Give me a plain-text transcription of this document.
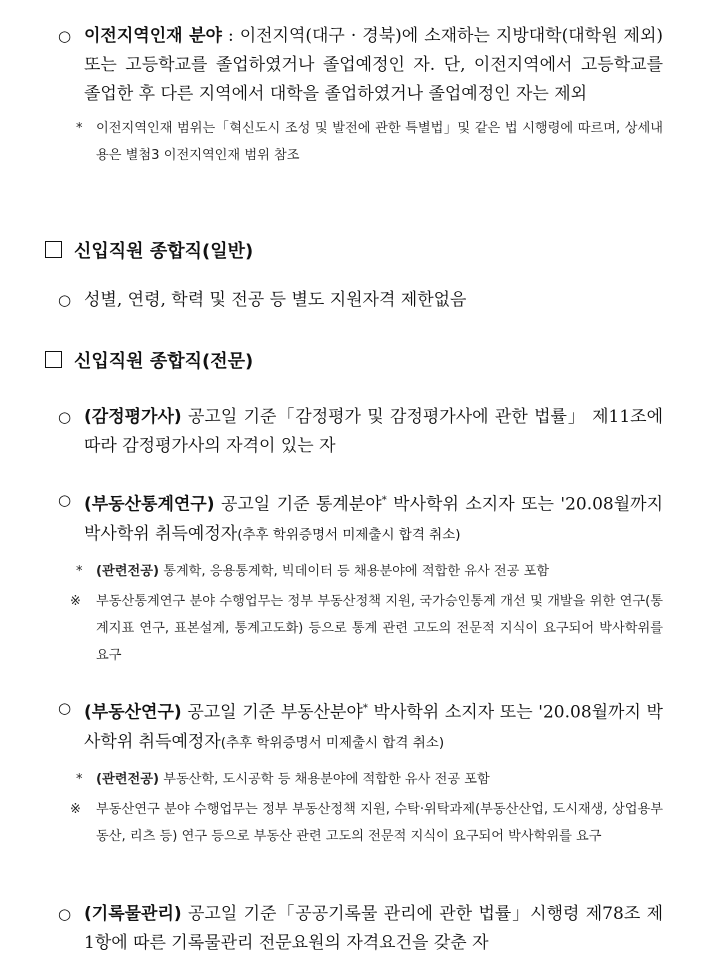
○ 이전지역인재 분야 : 이전지역(대구 · 경북)에 소재하는 지방대학(대학원 제외) 또는 고등학교를 졸업하였거나 졸업예정인 자. 단, 이전지역에서 고등학교를 졸업한 후 다른 지역에서 대학을 졸업하였거나 졸업예정인 자는 제외
* 이전지역인재 범위는「혁신도시 조성 및 발전에 관한 특별법」및 같은 법 시행령에 따르며, 상세내용은 별첨3 이전지역인재 범위 참조
신입직원 종합직(일반)
○ 성별, 연령, 학력 및 전공 등 별도 지원자격 제한없음
신입직원 종합직(전문)
○ (감정평가사) 공고일 기준「감정평가 및 감정평가사에 관한 법률」 제11조에 따라 감정평가사의 자격이 있는 자
○ (부동산통계연구) 공고일 기준 통계분야* 박사학위 소지자 또는 '20.08월까지 박사학위 취득예정자(추후 학위증명서 미제출시 합격 취소)
* (관련전공) 통계학, 응용통계학, 빅데이터 등 채용분야에 적합한 유사 전공 포함
※ 부동산통계연구 분야 수행업무는 정부 부동산정책 지원, 국가승인통계 개선 및 개발을 위한 연구(통계지표 연구, 표본설계, 통계고도화) 등으로 통계 관련 고도의 전문적 지식이 요구되어 박사학위를 요구
○ (부동산연구) 공고일 기준 부동산분야* 박사학위 소지자 또는 '20.08월까지 박사학위 취득예정자(추후 학위증명서 미제출시 합격 취소)
* (관련전공) 부동산학, 도시공학 등 채용분야에 적합한 유사 전공 포함
※ 부동산연구 분야 수행업무는 정부 부동산정책 지원, 수탁·위탁과제(부동산산업, 도시재생, 상업용부동산, 리츠 등) 연구 등으로 부동산 관련 고도의 전문적 지식이 요구되어 박사학위를 요구
○ (기록물관리) 공고일 기준「공공기록물 관리에 관한 법률」시행령 제78조 제1항에 따른 기록물관리 전문요원의 자격요건을 갖춘 자
